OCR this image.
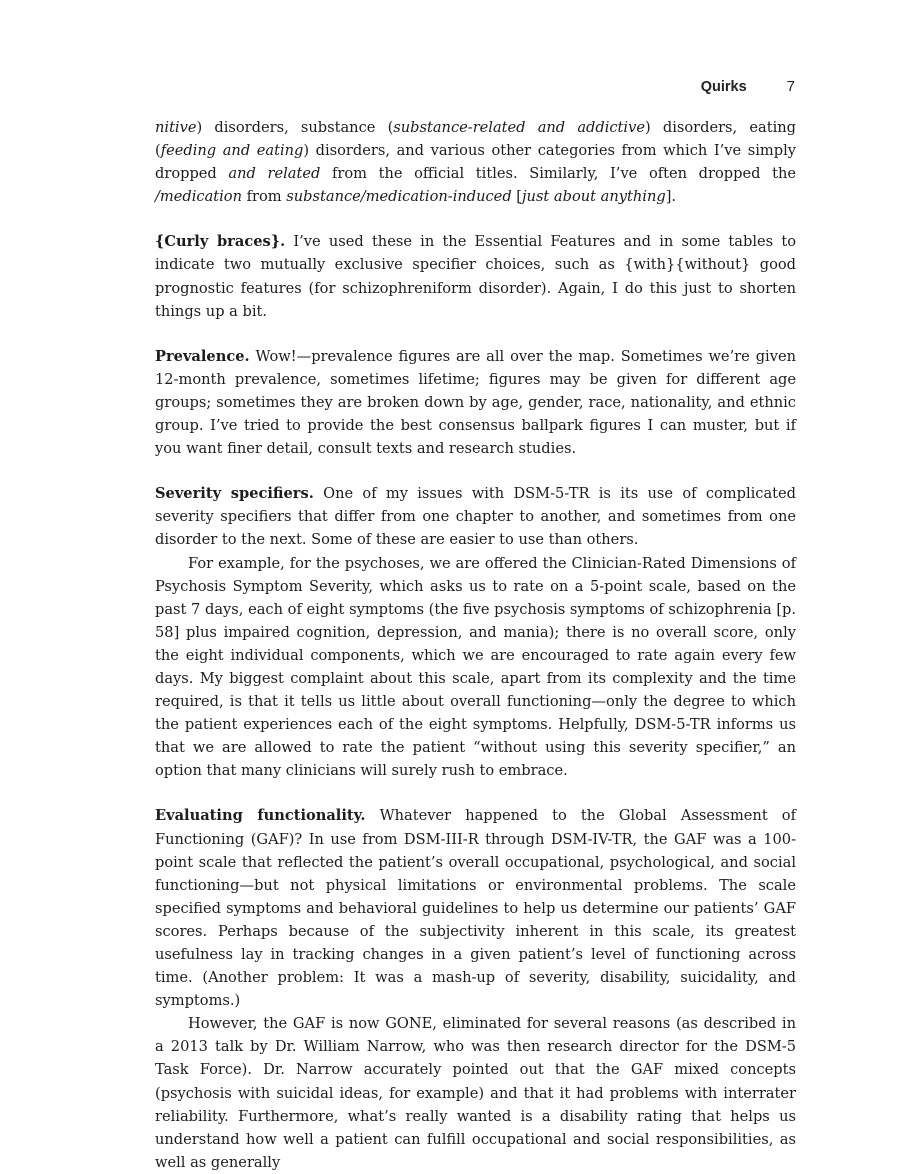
Quirks	7

nitive) disorders, substance (substance-related and addictive) disorders, eating (feeding and eating) disorders, and various other categories from which I’ve simply dropped and related from the official titles. Similarly, I’ve often dropped the /medication from substance/medication-induced [just about anything].

{Curly braces}. I’ve used these in the Essential Features and in some tables to indicate two mutually exclusive specifier choices, such as {with}{without} good prognostic features (for schizophreniform disorder). Again, I do this just to shorten things up a bit.

Prevalence. Wow!—prevalence figures are all over the map. Sometimes we’re given 12-month prevalence, sometimes lifetime; figures may be given for different age groups; sometimes they are broken down by age, gender, race, nationality, and ethnic group. I’ve tried to provide the best consensus ballpark figures I can muster, but if you want finer detail, consult texts and research studies.

Severity specifiers. One of my issues with DSM-5-TR is its use of complicated severity specifiers that differ from one chapter to another, and sometimes from one disorder to the next. Some of these are easier to use than others.

For example, for the psychoses, we are offered the Clinician-Rated Dimensions of Psychosis Symptom Severity, which asks us to rate on a 5-point scale, based on the past 7 days, each of eight symptoms (the five psychosis symptoms of schizophrenia [p. 58] plus impaired cognition, depression, and mania); there is no overall score, only the eight individual components, which we are encouraged to rate again every few days. My biggest complaint about this scale, apart from its complexity and the time required, is that it tells us little about overall functioning—only the degree to which the patient experiences each of the eight symptoms. Helpfully, DSM-5-TR informs us that we are allowed to rate the patient “without using this severity specifier,” an option that many clinicians will surely rush to embrace.

Evaluating functionality. Whatever happened to the Global Assessment of Functioning (GAF)? In use from DSM-III-R through DSM-IV-TR, the GAF was a 100-point scale that reflected the patient’s overall occupational, psychological, and social functioning—but not physical limitations or environmental problems. The scale specified symptoms and behavioral guidelines to help us determine our patients’ GAF scores. Perhaps because of the subjectivity inherent in this scale, its greatest usefulness lay in tracking changes in a given patient’s level of functioning across time. (Another problem: It was a mash-up of severity, disability, suicidality, and symptoms.)

However, the GAF is now GONE, eliminated for several reasons (as described in a 2013 talk by Dr. William Narrow, who was then research director for the DSM-5 Task Force). Dr. Narrow accurately pointed out that the GAF mixed concepts (psychosis with suicidal ideas, for example) and that it had problems with interrater reliability. Furthermore, what’s really wanted is a disability rating that helps us understand how well a patient can fulfill occupational and social responsibilities, as well as generally
